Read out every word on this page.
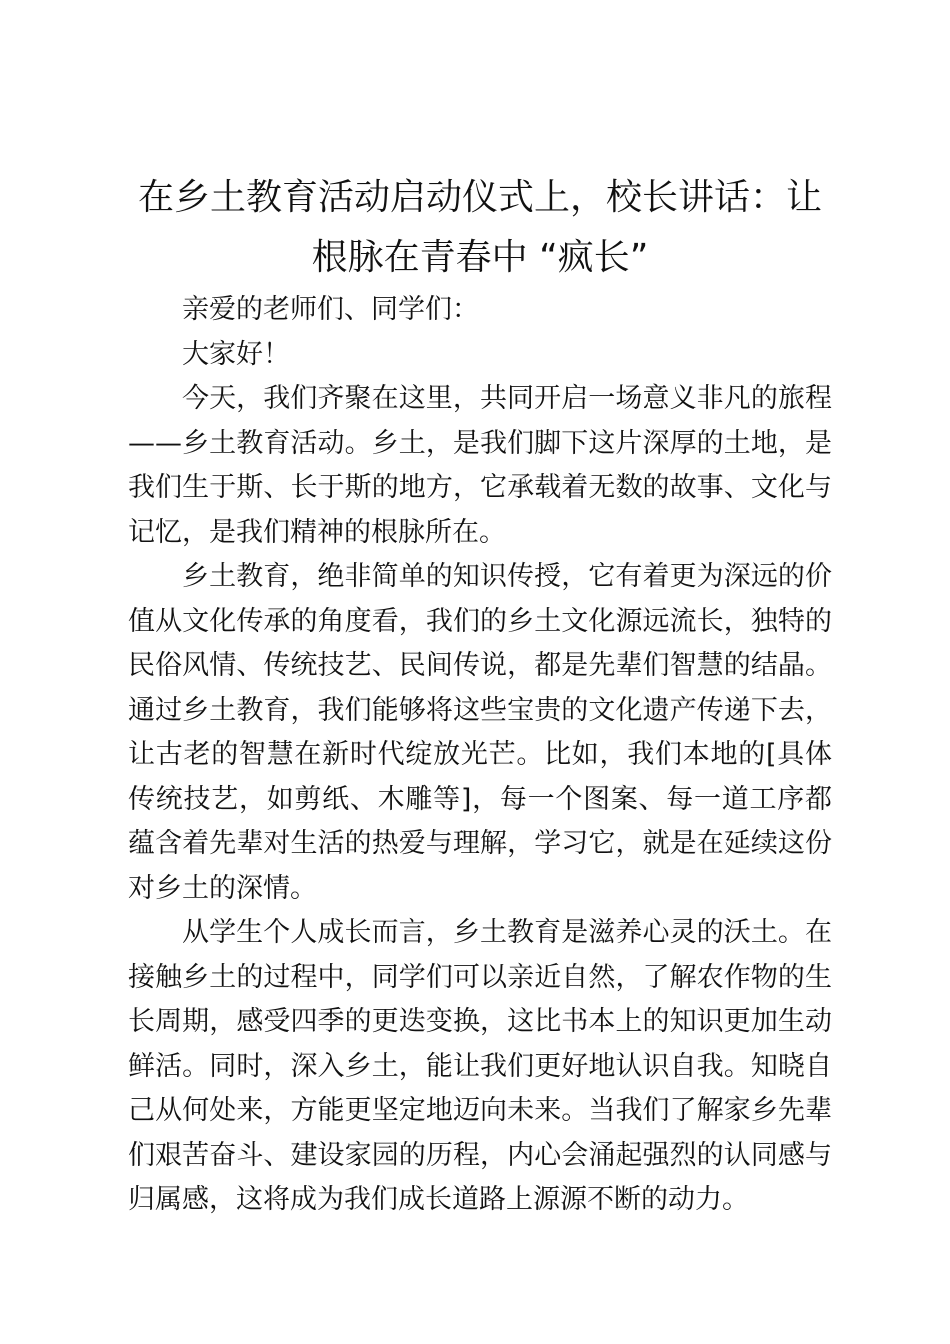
在乡土教育活动启动仪式上，校长讲话：让根脉在青春中 “疯长”

亲爱的老师们、同学们：

大家好！

今天，我们齐聚在这里，共同开启一场意义非凡的旅程——乡土教育活动。乡土，是我们脚下这片深厚的土地，是我们生于斯、长于斯的地方，它承载着无数的故事、文化与记忆，是我们精神的根脉所在。

乡土教育，绝非简单的知识传授，它有着更为深远的价值从文化传承的角度看，我们的乡土文化源远流长，独特的民俗风情、传统技艺、民间传说，都是先辈们智慧的结晶。通过乡土教育，我们能够将这些宝贵的文化遗产传递下去，让古老的智慧在新时代绽放光芒。比如，我们本地的[具体传统技艺，如剪纸、木雕等]，每一个图案、每一道工序都蕴含着先辈对生活的热爱与理解，学习它，就是在延续这份对乡土的深情。

从学生个人成长而言，乡土教育是滋养心灵的沃土。在接触乡土的过程中，同学们可以亲近自然，了解农作物的生长周期，感受四季的更迭变换，这比书本上的知识更加生动鲜活。同时，深入乡土，能让我们更好地认识自我。知晓自己从何处来，方能更坚定地迈向未来。当我们了解家乡先辈们艰苦奋斗、建设家园的历程，内心会涌起强烈的认同感与归属感，这将成为我们成长道路上源源不断的动力。
